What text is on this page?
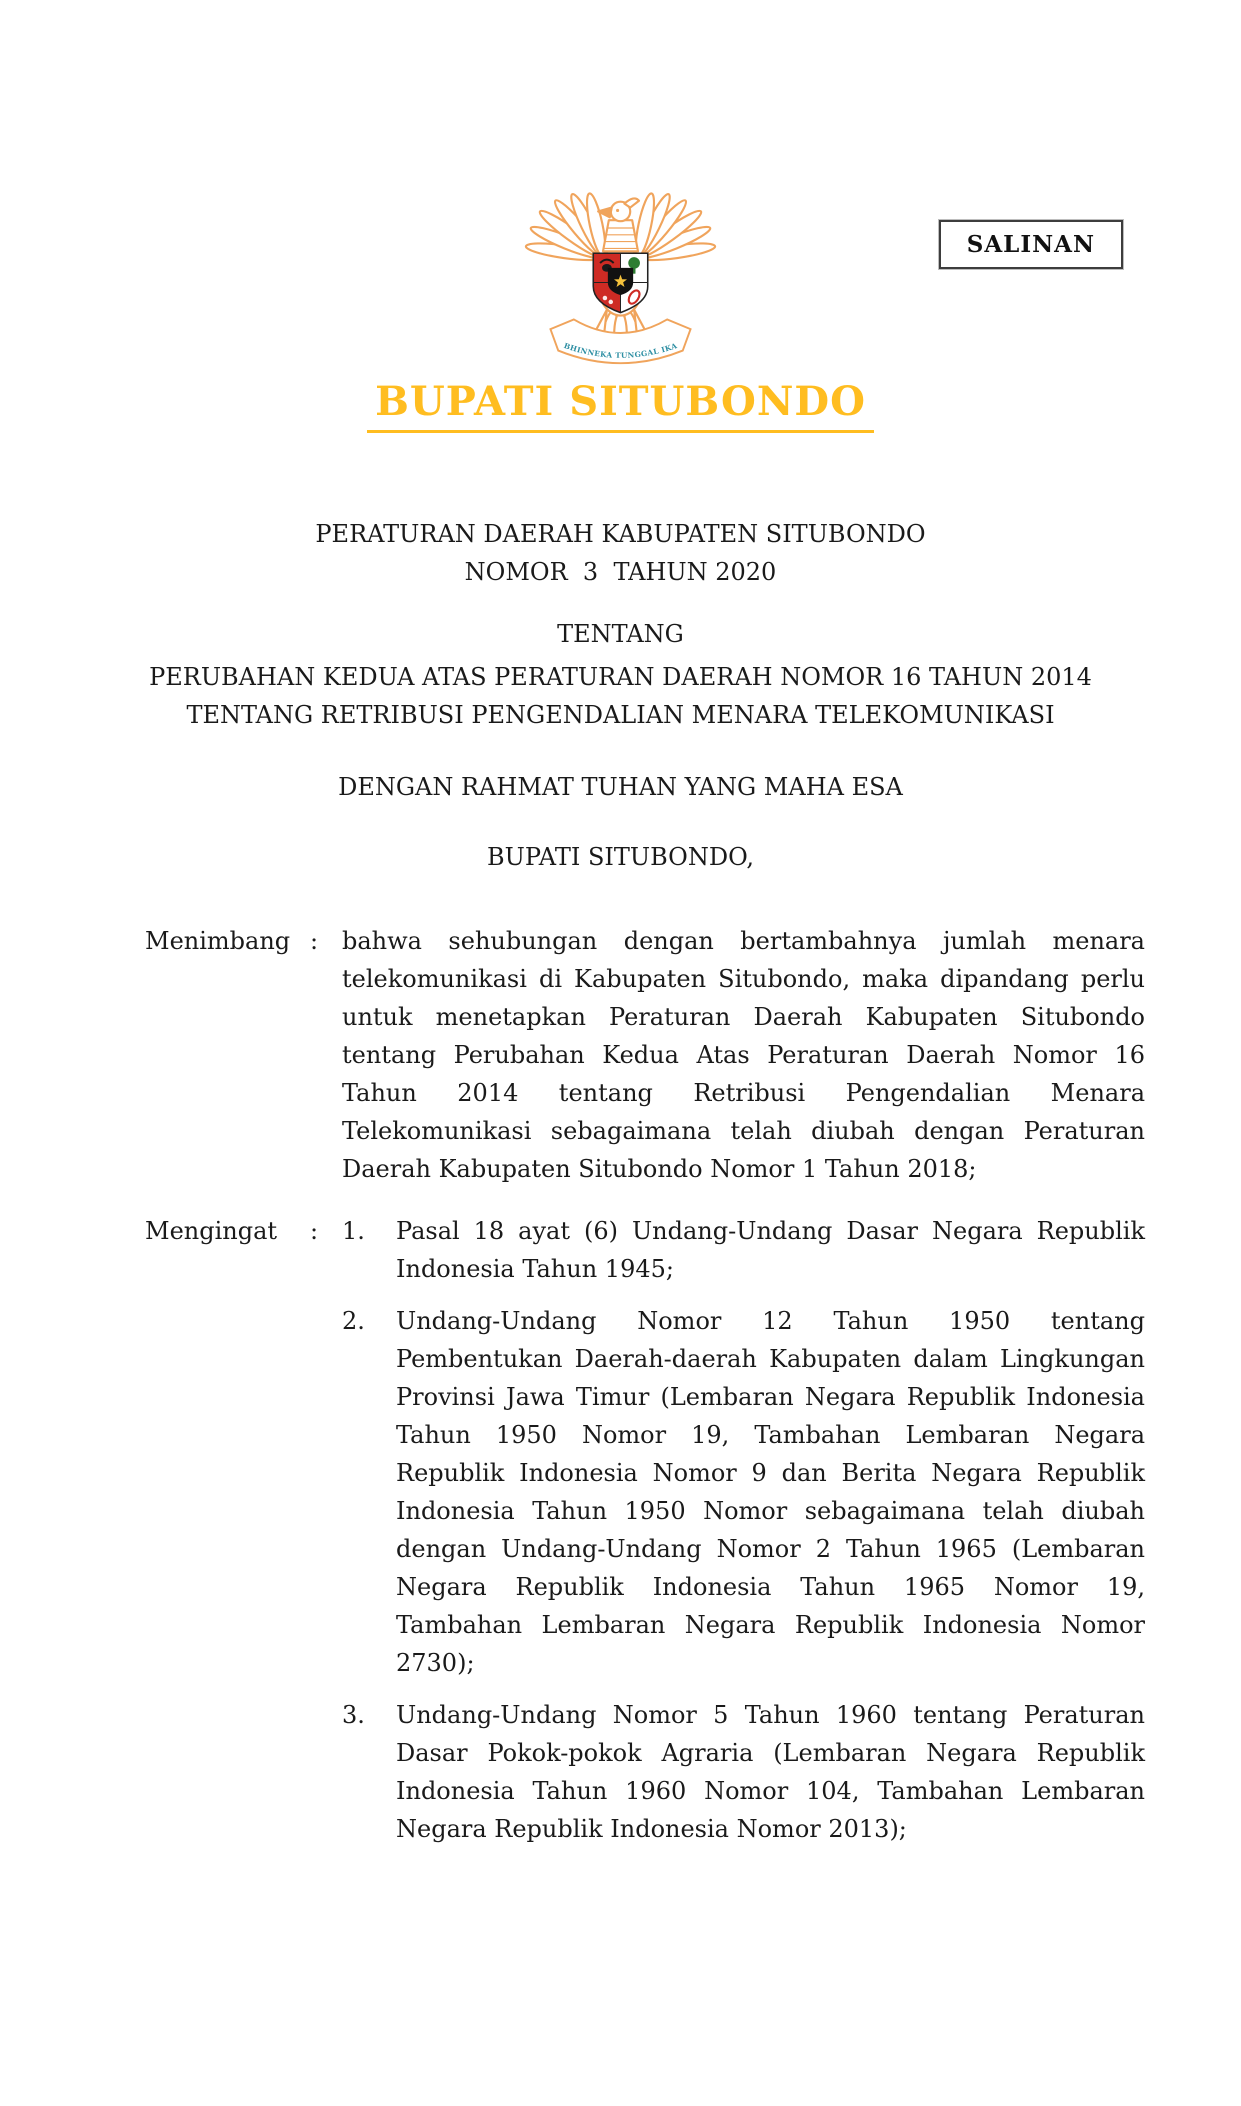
SALINAN
BHINNEKA TUNGGAL IKA
BUPATI SITUBONDO
PERATURAN DAERAH KABUPATEN SITUBONDO
NOMOR  3  TAHUN 2020
TENTANG
PERUBAHAN KEDUA ATAS PERATURAN DAERAH NOMOR 16 TAHUN 2014
TENTANG RETRIBUSI PENGENDALIAN MENARA TELEKOMUNIKASI
DENGAN RAHMAT TUHAN YANG MAHA ESA
BUPATI SITUBONDO,
Menimbang : bahwa sehubungan dengan bertambahnya jumlah menara telekomunikasi di Kabupaten Situbondo, maka dipandang perlu untuk menetapkan Peraturan Daerah Kabupaten Situbondo tentang Perubahan Kedua Atas Peraturan Daerah Nomor 16 Tahun 2014 tentang Retribusi Pengendalian Menara Telekomunikasi sebagaimana telah diubah dengan Peraturan Daerah Kabupaten Situbondo Nomor 1 Tahun 2018;
Mengingat	: 1.	Pasal 18 ayat (6) Undang-Undang Dasar Negara Republik Indonesia Tahun 1945;
2.	Undang-Undang Nomor 12 Tahun 1950 tentang Pembentukan Daerah-daerah Kabupaten dalam Lingkungan Provinsi Jawa Timur (Lembaran Negara Republik Indonesia Tahun 1950 Nomor 19, Tambahan Lembaran Negara Republik Indonesia Nomor 9 dan Berita Negara Republik Indonesia Tahun 1950 Nomor sebagaimana telah diubah dengan Undang-Undang Nomor 2 Tahun 1965 (Lembaran Negara Republik Indonesia Tahun 1965 Nomor 19, Tambahan Lembaran Negara Republik Indonesia Nomor 2730);
3.	Undang-Undang Nomor 5 Tahun 1960 tentang Peraturan Dasar Pokok-pokok Agraria (Lembaran Negara Republik Indonesia Tahun 1960 Nomor 104, Tambahan Lembaran Negara Republik Indonesia Nomor 2013);
